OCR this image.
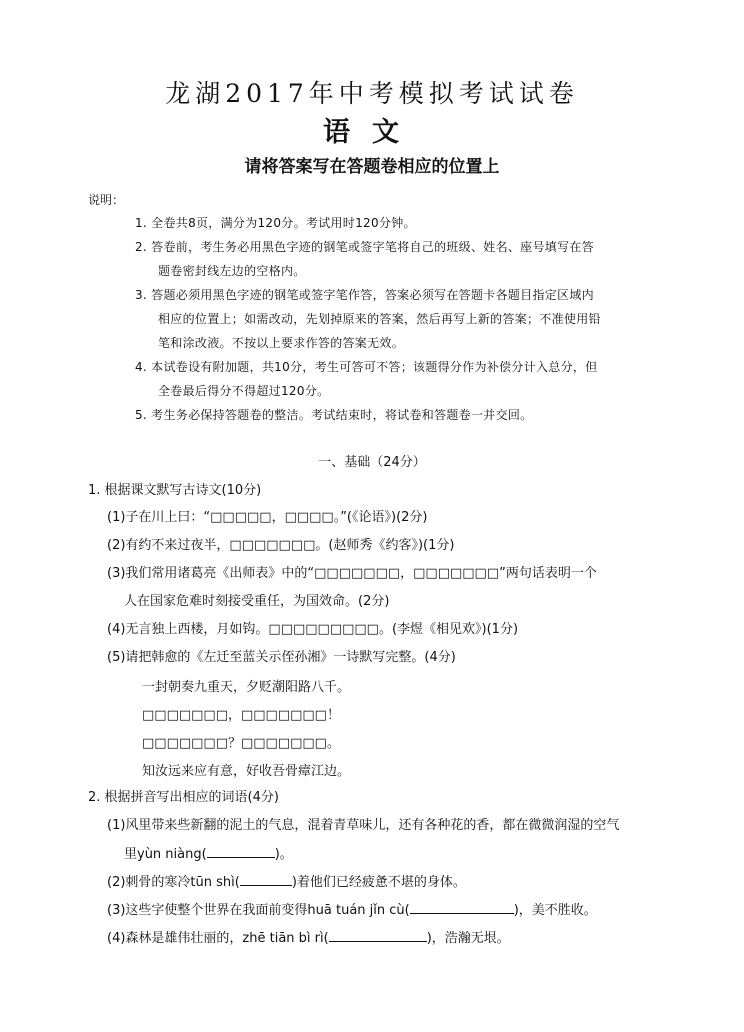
龙湖2017年中考模拟考试试卷
语文
请将答案写在答题卷相应的位置上
说明：
1. 全卷共8页，满分为120分。考试用时120分钟。
2. 答卷前，考生务必用黑色字迹的钢笔或签字笔将自己的班级、姓名、座号填写在答
题卷密封线左边的空格内。
3. 答题必须用黑色字迹的钢笔或签字笔作答，答案必须写在答题卡各题目指定区域内
相应的位置上；如需改动，先划掉原来的答案，然后再写上新的答案；不准使用铅
笔和涂改液。不按以上要求作答的答案无效。
4. 本试卷设有附加题，共10分，考生可答可不答；该题得分作为补偿分计入总分，但
全卷最后得分不得超过120分。
5. 考生务必保持答题卷的整洁。考试结束时，将试卷和答题卷一并交回。
一、基础（24分）
1. 根据课文默写古诗文(10分)
(1)子在川上曰：“□□□□□，□□□□。”(《论语》)(2分)
(2)有约不来过夜半，□□□□□□□。(赵师秀《约客》)(1分)
(3)我们常用诸葛亮《出师表》中的“□□□□□□□，□□□□□□□”两句话表明一个
人在国家危难时刻接受重任，为国效命。(2分)
(4)无言独上西楼，月如钩。□□□□□□□□□。(李煜《相见欢》)(1分)
(5)请把韩愈的《左迁至蓝关示侄孙湘》一诗默写完整。(4分)
一封朝奏九重天，夕贬潮阳路八千。
□□□□□□□，□□□□□□□！
□□□□□□□？□□□□□□□。
知汝远来应有意，好收吾骨瘴江边。
2. 根据拼音写出相应的词语(4分)
(1)风里带来些新翻的泥土的气息，混着青草味儿，还有各种花的香，都在微微润湿的空气
里yùn niàng(	)。
(2)刺骨的寒冷tūn shì(	)着他们已经疲惫不堪的身体。
(3)这些字使整个世界在我面前变得huā tuán jǐn cù(	)，美不胜收。
(4)森林是雄伟壮丽的，zhē tiān bì rì(	)，浩瀚无垠。
